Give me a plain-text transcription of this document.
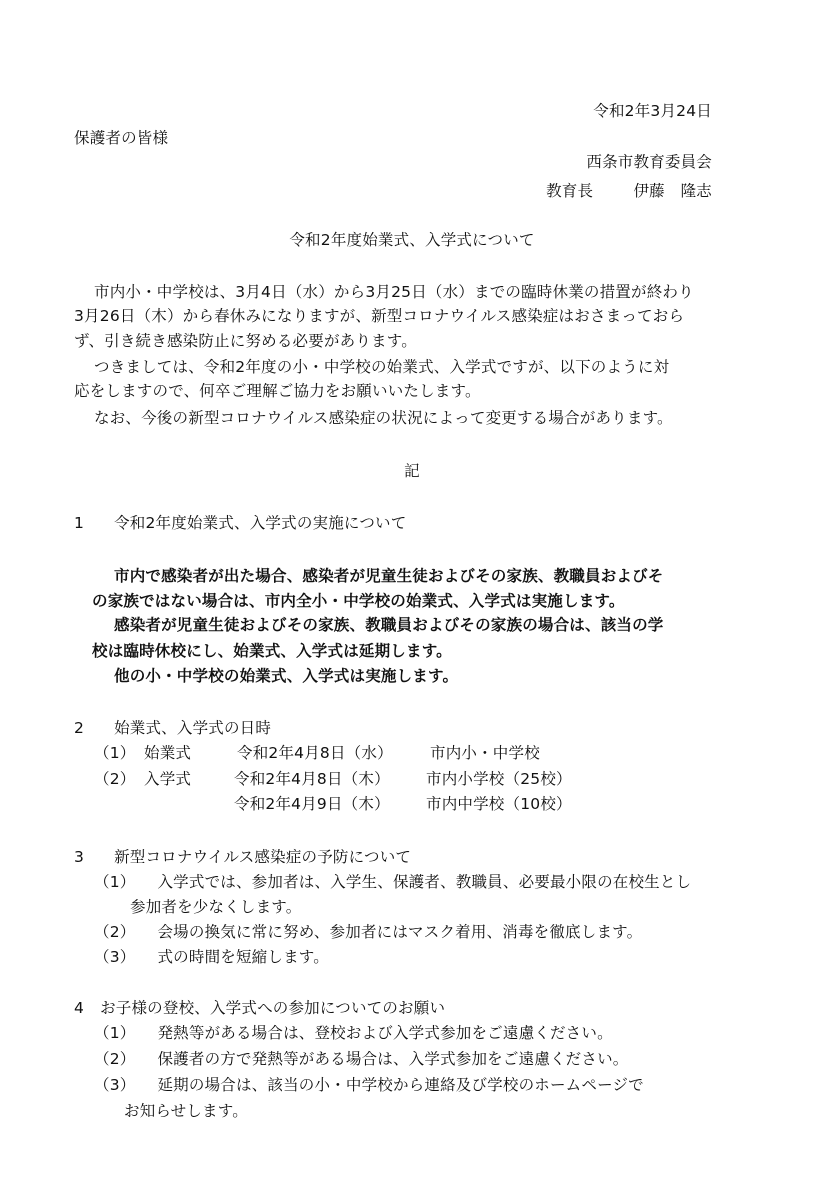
令和2年3月24日
保護者の皆様
西条市教育委員会
教育長	伊藤　隆志
令和2年度始業式、入学式について
市内小・中学校は、3月4日（水）から3月25日（水）までの臨時休業の措置が終わり
3月26日（木）から春休みになりますが、新型コロナウイルス感染症はおさまっておら
ず、引き続き感染防止に努める必要があります。
つきましては、令和2年度の小・中学校の始業式、入学式ですが、以下のように対
応をしますので、何卒ご理解ご協力をお願いいたします。
なお、今後の新型コロナウイルス感染症の状況によって変更する場合があります。
記
1 令和2年度始業式、入学式の実施について
市内で感染者が出た場合、感染者が児童生徒およびその家族、教職員およびそ
の家族ではない場合は、市内全小・中学校の始業式、入学式は実施します。
感染者が児童生徒およびその家族、教職員およびその家族の場合は、該当の学
校は臨時休校にし、始業式、入学式は延期します。
他の小・中学校の始業式、入学式は実施します。
2 始業式、入学式の日時
（1） 始業式	令和2年4月8日（水） 市内小・中学校
（2） 入学式	令和2年4月8日（木） 市内小学校（25校）
令和2年4月9日（木） 市内中学校（10校）
3 新型コロナウイルス感染症の予防について
（1） 入学式では、参加者は、入学生、保護者、教職員、必要最小限の在校生とし
参加者を少なくします。
（2） 会場の換気に常に努め、参加者にはマスク着用、消毒を徹底します。
（3） 式の時間を短縮します。
4 お子様の登校、入学式への参加についてのお願い
（1） 発熱等がある場合は、登校および入学式参加をご遠慮ください。
（2） 保護者の方で発熱等がある場合は、入学式参加をご遠慮ください。
（3） 延期の場合は、該当の小・中学校から連絡及び学校のホームページで
お知らせします。
